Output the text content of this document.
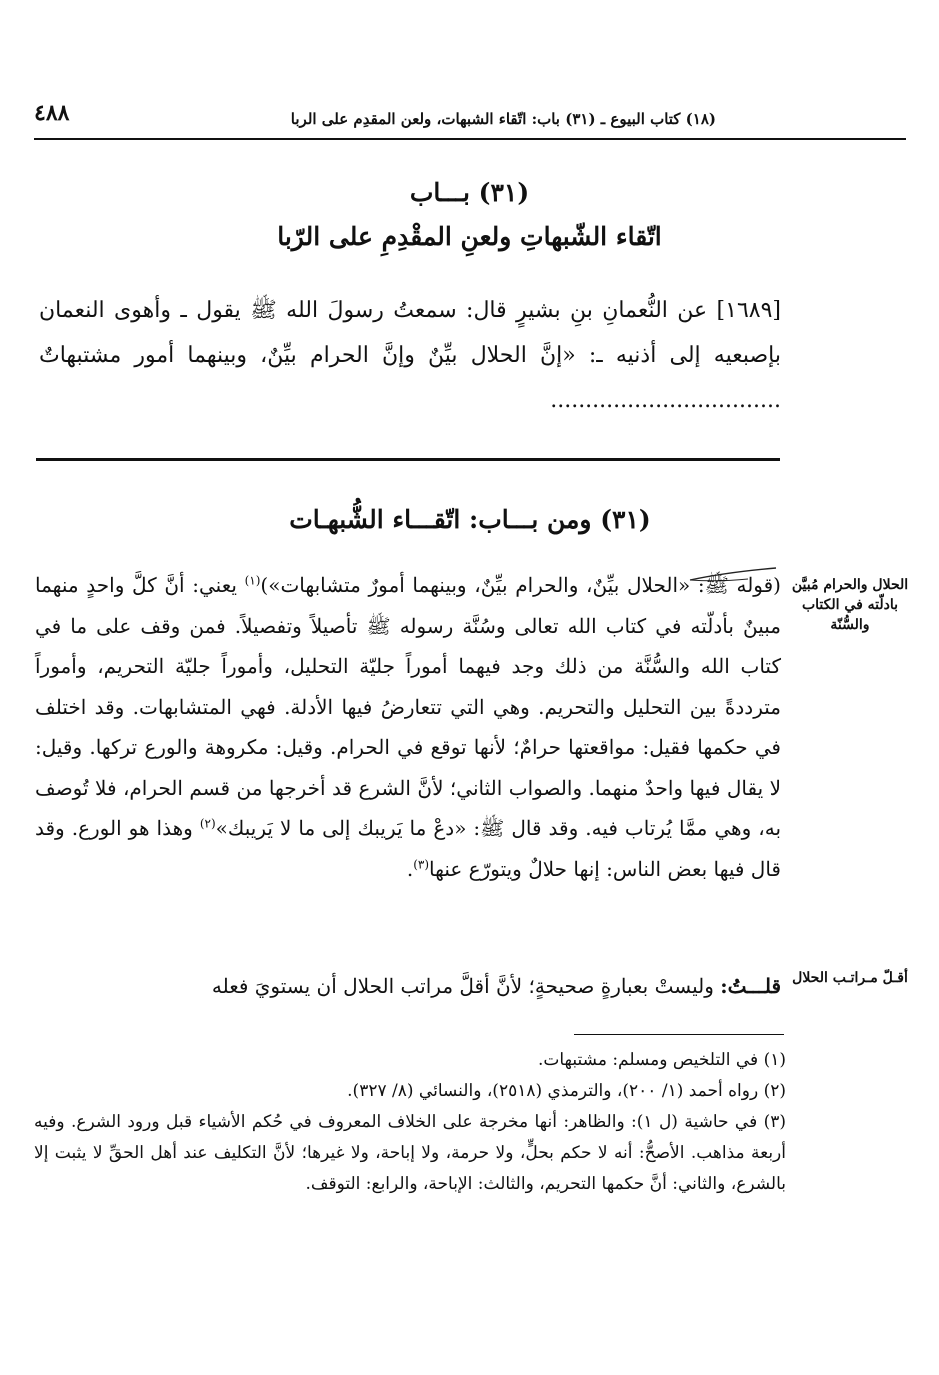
٤٨٨	(١٨) كتاب البيوع ـ (٣١) باب: اتّقاء الشبهات، ولعن المقدِم على الربا
(٣١) بـــاب
اتّقاء الشّبهاتِ ولعنِ المقْدِمِ على الرّبا
[١٦٨٩] عن النُّعمانِ بنِ بشيرٍ قال: سمعتُ رسولَ الله ﷺ يقول ـ وأهوى النعمان بإصبعيه إلى أذنيه ـ: «إنَّ الحلال بيِّنٌ وإنَّ الحرام بيِّنٌ، وبينهما أمور مشتبهاتٌ .................................
(٣١) ومن بـــاب: اتّقـــاء الشُّبهـات
الحلال والحرام مُبيَّن بادلّته في الكتاب والسُّنّة
أقـلّ مـراتـب الحلال
(قوله ﷺ: «الحلال بيِّنٌ، والحرام بيِّنٌ، وبينهما أمورٌ متشابهات»)$^{(١)}$ يعني: أنَّ كلَّ واحدٍ منهما مبينٌ بأدلّته في كتاب الله تعالى وسُنَّة رسوله ﷺ تأصيلاً وتفصيلاً. فمن وقف على ما في كتاب الله والسُّنَّة من ذلك وجد فيهما أموراً جليّة التحليل، وأموراً جليّة التحريم، وأموراً مترددةً بين التحليل والتحريم. وهي التي تتعارضُ فيها الأدلة. فهي المتشابهات. وقد اختلف في حكمها فقيل: مواقعتها حرامٌ؛ لأنها توقع في الحرام. وقيل: مكروهة والورع تركها. وقيل: لا يقال فيها واحدٌ منهما. والصواب الثاني؛ لأنَّ الشرع قد أخرجها من قسم الحرام، فلا تُوصف به، وهي ممَّا يُرتاب فيه. وقد قال ﷺ: «دعْ ما يَريبك إلى ما لا يَريبك»$^{(٢)}$ وهذا هو الورع. وقد قال فيها بعض الناس: إنها حلالٌ ويتورّع عنها$^{(٣)}$.
قلـــتُ: وليستْ بعبارةٍ صحيحةٍ؛ لأنَّ أقلَّ مراتب الحلال أن يستويَ فعله

(١) في التلخيص ومسلم: مشتبهات.

(٢) رواه أحمد (١/ ٢٠٠)، والترمذي (٢٥١٨)، والنسائي (٨/ ٣٢٧).

(٣) في حاشية (ل ١): والظاهر: أنها مخرجة على الخلاف المعروف في حُكم الأشياء قبل ورود الشرع. وفيه أربعة مذاهب. الأصحُّ: أنه لا حكم بحلٍّ، ولا حرمة، ولا إباحة، ولا غيرها؛ لأنَّ التكليف عند أهل الحقِّ لا يثبت إلا بالشرع، والثاني: أنَّ حكمها التحريم، والثالث: الإباحة، والرابع: التوقف.
